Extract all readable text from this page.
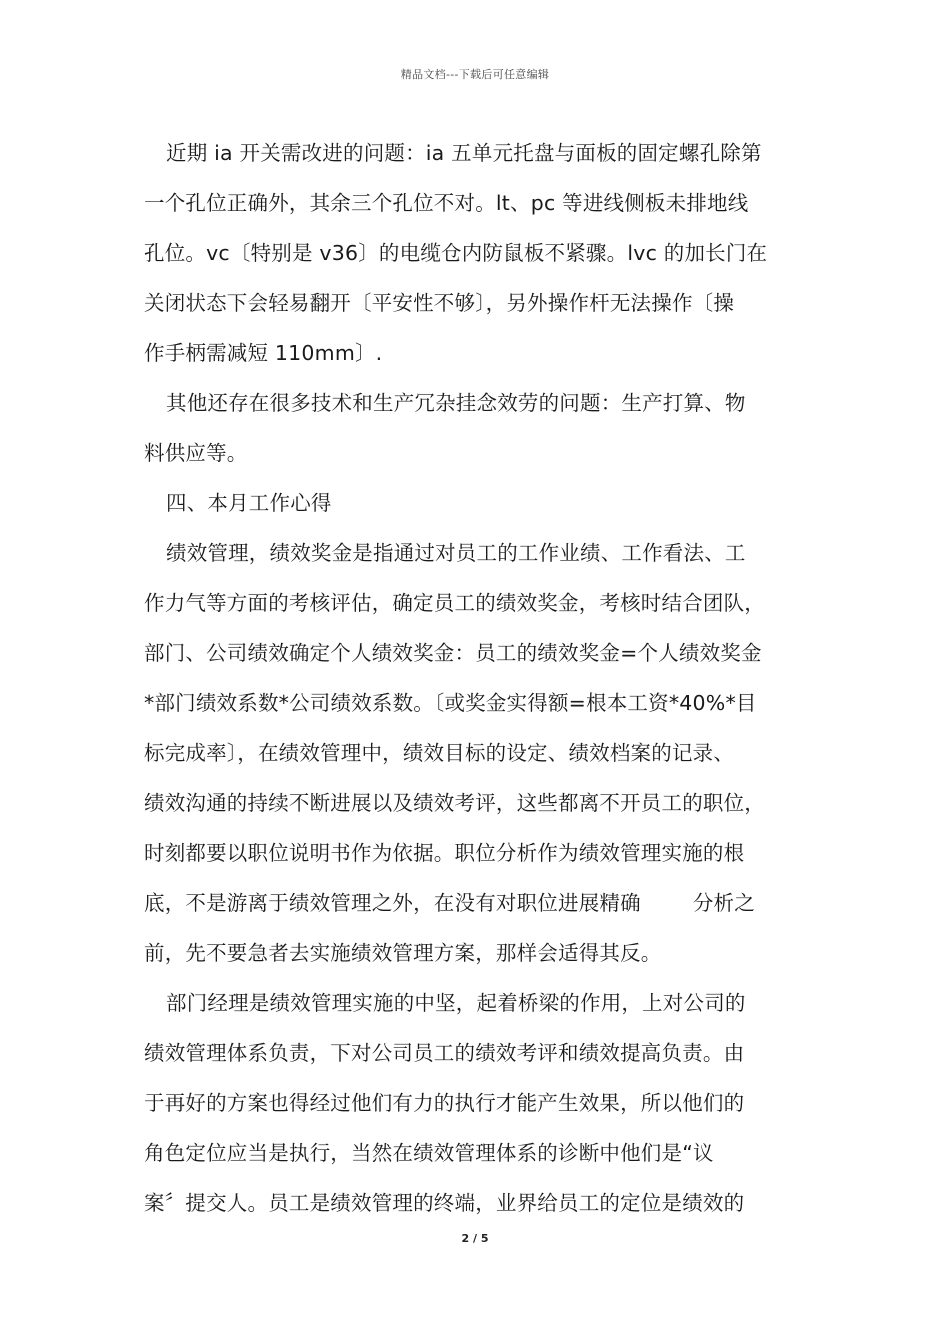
精品文档---下载后可任意编辑
近期 ia 开关需改进的问题：ia 五单元托盘与面板的固定螺孔除第
一个孔位正确外，其余三个孔位不对。lt、pc 等进线侧板未排地线
孔位。vc〔特别是 v36〕的电缆仓内防鼠板不紧骤。lvc 的加长门在
关闭状态下会轻易翻开〔平安性不够〕，另外操作杆无法操作〔操
作手柄需减短 110mm〕.
其他还存在很多技术和生产冗杂挂念效劳的问题：生产打算、物
料供应等。
四、本月工作心得
绩效管理，绩效奖金是指通过对员工的工作业绩、工作看法、工
作力气等方面的考核评估，确定员工的绩效奖金，考核时结合团队，
部门、公司绩效确定个人绩效奖金：员工的绩效奖金=个人绩效奖金
*部门绩效系数*公司绩效系数。〔或奖金实得额=根本工资*40%*目
标完成率〕，在绩效管理中，绩效目标的设定、绩效档案的记录、
绩效沟通的持续不断进展以及绩效考评，这些都离不开员工的职位，
时刻都要以职位说明书作为依据。职位分析作为绩效管理实施的根
底，不是游离于绩效管理之外，在没有对职位进展精确	分析之
前，先不要急者去实施绩效管理方案，那样会适得其反。
部门经理是绩效管理实施的中坚，起着桥梁的作用，上对公司的
绩效管理体系负责，下对公司员工的绩效考评和绩效提高负责。由
于再好的方案也得经过他们有力的执行才能产生效果，所以他们的
角色定位应当是执行，当然在绩效管理体系的诊断中他们是“议
案〞提交人。员工是绩效管理的终端，业界给员工的定位是绩效的
2 / 5
